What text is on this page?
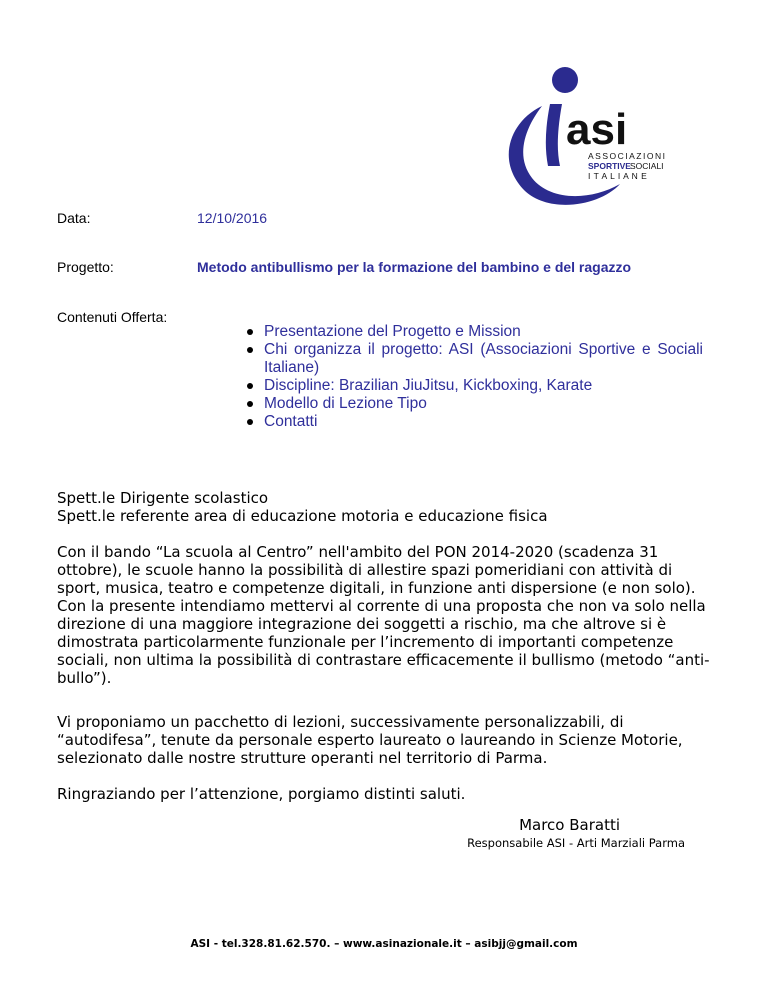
asi
ASSOCIAZIONI
SPORTIVE SOCIALI
I T A L I A N E
Data:	12/10/2016
Progetto:	Metodo antibullismo per la formazione del bambino e del ragazzo
Contenuti Offerta:
Presentazione del Progetto e Mission
Chi organizza il progetto: ASI (Associazioni Sportive e Sociali Italiane)
Discipline: Brazilian JiuJitsu, Kickboxing, Karate
Modello di Lezione Tipo
Contatti

Spett.le Dirigente scolastico

Spett.le referente area di educazione motoria e educazione fisica

Con il bando “La scuola al Centro” nell'ambito del PON 2014-2020 (scadenza 31 ottobre), le scuole hanno la possibilità di allestire spazi pomeridiani con attività di sport, musica, teatro e competenze digitali, in funzione anti dispersione (e non solo).

Con la presente intendiamo mettervi al corrente di una proposta che non va solo nella direzione di una maggiore integrazione dei soggetti a rischio, ma che altrove si è dimostrata particolarmente funzionale per l’incremento di importanti competenze sociali, non ultima la possibilità di contrastare efficacemente il bullismo (metodo “anti-bullo”).

Vi proponiamo un pacchetto di lezioni, successivamente personalizzabili, di “autodifesa”, tenute da personale esperto laureato o laureando in Scienze Motorie, selezionato dalle nostre strutture operanti nel territorio di Parma.

Ringraziando per l’attenzione, porgiamo distinti saluti.

Marco Baratti
Responsabile ASI - Arti Marziali Parma
ASI - tel.328.81.62.570. – www.asinazionale.it – asibjj@gmail.com
